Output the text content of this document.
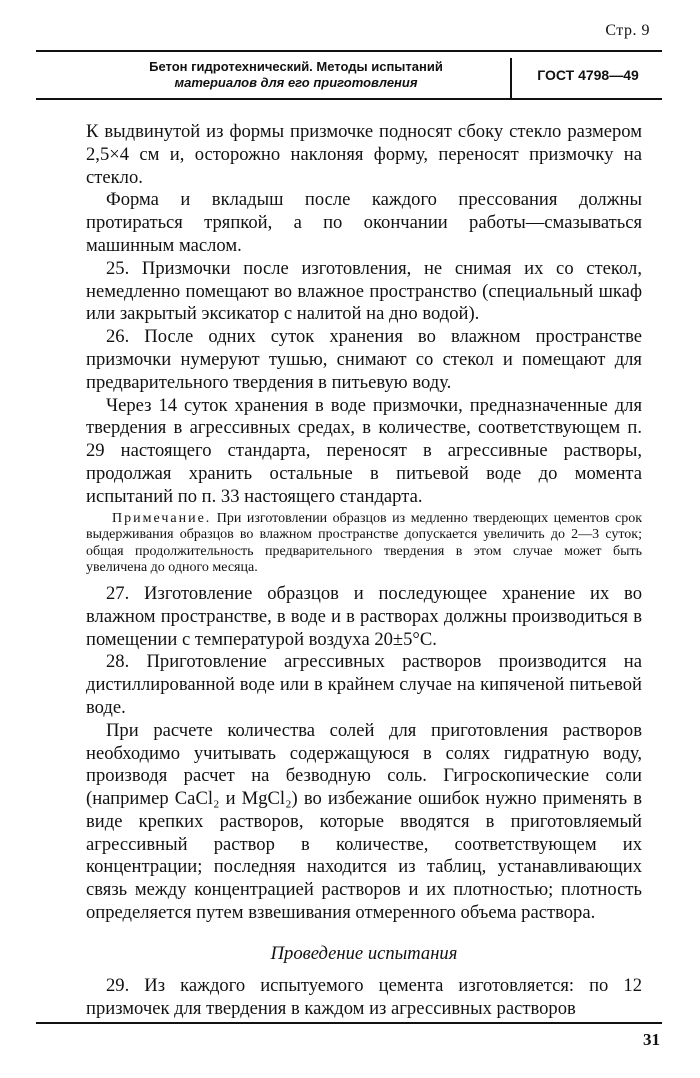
Стр. 9
Бетон гидротехнический. Методы испытаний
материалов для его приготовления	ГОСТ 4798—49

К выдвинутой из формы призмочке подносят сбоку стекло размером 2,5×4 см и, осторожно наклоняя форму, переносят призмочку на стекло.

Форма и вкладыш после каждого прессования должны протираться тряпкой, а по окончании работы—смазываться машинным маслом.

25. Призмочки после изготовления, не снимая их со стекол, немедленно помещают во влажное пространство (специальный шкаф или закрытый эксикатор с налитой на дно водой).

26. После одних суток хранения во влажном пространстве призмочки нумеруют тушью, снимают со стекол и помещают для предварительного твердения в питьевую воду.

Через 14 суток хранения в воде призмочки, предназначенные для твердения в агрессивных средах, в количестве, соответствующем п. 29 настоящего стандарта, переносят в агрессивные растворы, продолжая хранить остальные в питьевой воде до момента испытаний по п. 33 настоящего стандарта.

Примечание. При изготовлении образцов из медленно твердеющих цементов срок выдерживания образцов во влажном пространстве допускается увеличить до 2—3 суток; общая продолжительность предварительного твердения в этом случае может быть увеличена до одного месяца.

27. Изготовление образцов и последующее хранение их во влажном пространстве, в воде и в растворах должны производиться в помещении с температурой воздуха 20±5°С.

28. Приготовление агрессивных растворов производится на дистиллированной воде или в крайнем случае на кипяченой питьевой воде.

При расчете количества солей для приготовления растворов необходимо учитывать содержащуюся в солях гидратную воду, производя расчет на безводную соль. Гигроскопические соли (например CaCl₂ и MgCl₂) во избежание ошибок нужно применять в виде крепких растворов, которые вводятся в приготовляемый агрессивный раствор в количестве, соответствующем их концентрации; последняя находится из таблиц, устанавливающих связь между концентрацией растворов и их плотностью; плотность определяется путем взвешивания отмеренного объема раствора.

Проведение испытания

29. Из каждого испытуемого цемента изготовляется: по 12 призмочек для твердения в каждом из агрессивных растворов

31
